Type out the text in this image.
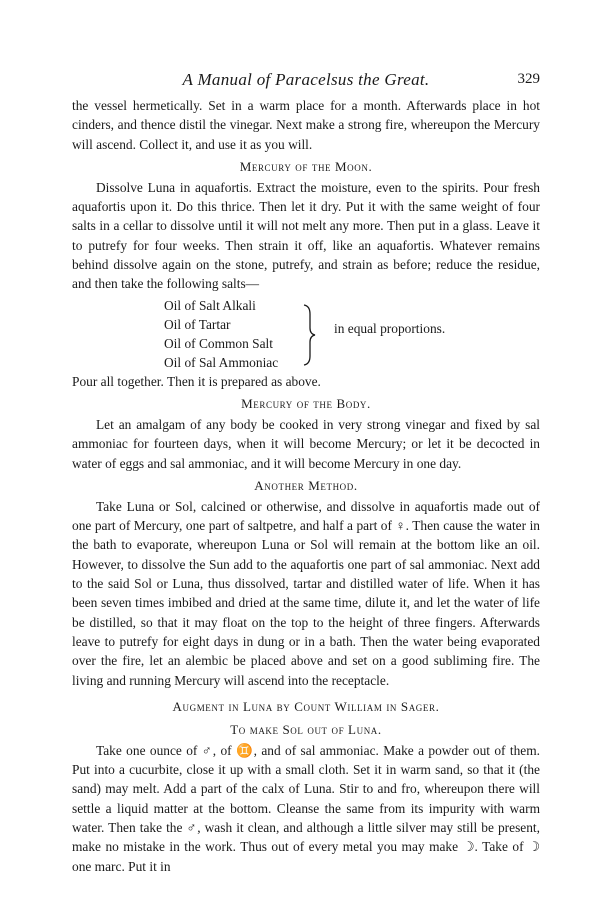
A Manual of Paracelsus the Great.	329

the vessel hermetically. Set in a warm place for a month. Afterwards place in hot cinders, and thence distil the vinegar. Next make a strong fire, whereupon the Mercury will ascend. Collect it, and use it as you will.

Mercury of the Moon.

Dissolve Luna in aquafortis. Extract the moisture, even to the spirits. Pour fresh aquafortis upon it. Do this thrice. Then let it dry. Put it with the same weight of four salts in a cellar to dissolve until it will not melt any more. Then put in a glass. Leave it to putrefy for four weeks. Then strain it off, like an aquafortis. Whatever remains behind dissolve again on the stone, putrefy, and strain as before; reduce the residue, and then take the following salts—

Oil of Salt Alkali
Oil of Tartar
Oil of Common Salt
Oil of Sal Ammoniac
in equal proportions.

Pour all together. Then it is prepared as above.

Mercury of the Body.

Let an amalgam of any body be cooked in very strong vinegar and fixed by sal ammoniac for fourteen days, when it will become Mercury; or let it be decocted in water of eggs and sal ammoniac, and it will become Mercury in one day.

Another Method.

Take Luna or Sol, calcined or otherwise, and dissolve in aquafortis made out of one part of Mercury, one part of saltpetre, and half a part of ♀. Then cause the water in the bath to evaporate, whereupon Luna or Sol will remain at the bottom like an oil. However, to dissolve the Sun add to the aquafortis one part of sal ammoniac. Next add to the said Sol or Luna, thus dissolved, tartar and distilled water of life. When it has been seven times imbibed and dried at the same time, dilute it, and let the water of life be distilled, so that it may float on the top to the height of three fingers. Afterwards leave to putrefy for eight days in dung or in a bath. Then the water being evaporated over the fire, let an alembic be placed above and set on a good subliming fire. The living and running Mercury will ascend into the receptacle.

Augment in Luna by Count William in Sager.
To make Sol out of Luna.

Take one ounce of ♂, of ♊, and of sal ammoniac. Make a powder out of them. Put into a cucurbite, close it up with a small cloth. Set it in warm sand, so that it (the sand) may melt. Add a part of the calx of Luna. Stir to and fro, whereupon there will settle a liquid matter at the bottom. Cleanse the same from its impurity with warm water. Then take the ♂, wash it clean, and although a little silver may still be present, make no mistake in the work. Thus out of every metal you may make ☽. Take of ☽ one marc. Put it in
